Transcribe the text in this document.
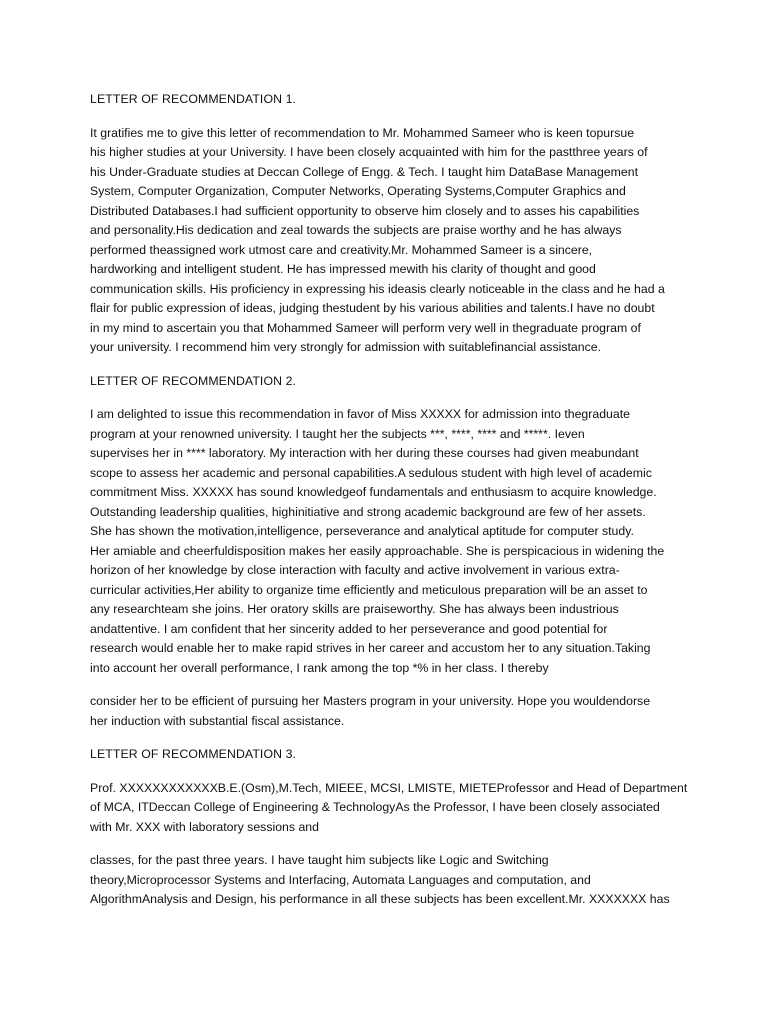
LETTER OF RECOMMENDATION 1.
It gratifies me to give this letter of recommendation to Mr. Mohammed Sameer who is keen topursue
his higher studies at your University. I have been closely acquainted with him for the pastthree years of
his Under-Graduate studies at Deccan College of Engg. & Tech. I taught him DataBase Management
System, Computer Organization, Computer Networks, Operating Systems,Computer Graphics and
Distributed Databases.I had sufficient opportunity to observe him closely and to asses his capabilities
and personality.His dedication and zeal towards the subjects are praise worthy and he has always
performed theassigned work utmost care and creativity.Mr. Mohammed Sameer is a sincere,
hardworking and intelligent student. He has impressed mewith his clarity of thought and good
communication skills. His proficiency in expressing his ideasis clearly noticeable in the class and he had a
flair for public expression of ideas, judging thestudent by his various abilities and talents.I have no doubt
in my mind to ascertain you that Mohammed Sameer will perform very well in thegraduate program of
your university. I recommend him very strongly for admission with suitablefinancial assistance.
LETTER OF RECOMMENDATION 2.
I am delighted to issue this recommendation in favor of Miss XXXXX for admission into thegraduate
program at your renowned university. I taught her the subjects ***, ****, **** and *****. Ieven
supervises her in **** laboratory. My interaction with her during these courses had given meabundant
scope to assess her academic and personal capabilities.A sedulous student with high level of academic
commitment Miss. XXXXX has sound knowledgeof fundamentals and enthusiasm to acquire knowledge.
Outstanding leadership qualities, highinitiative and strong academic background are few of her assets.
She has shown the motivation,intelligence, perseverance and analytical aptitude for computer study.
Her amiable and cheerfuldisposition makes her easily approachable. She is perspicacious in widening the
horizon of her knowledge by close interaction with faculty and active involvement in various extra-
curricular activities,Her ability to organize time efficiently and meticulous preparation will be an asset to
any researchteam she joins. Her oratory skills are praiseworthy. She has always been industrious
andattentive. I am confident that her sincerity added to her perseverance and good potential for
research would enable her to make rapid strives in her career and accustom her to any situation.Taking
into account her overall performance, I rank among the top *% in her class. I thereby
consider her to be efficient of pursuing her Masters program in your university. Hope you wouldendorse
her induction with substantial fiscal assistance.
LETTER OF RECOMMENDATION 3.
Prof. XXXXXXXXXXXXB.E.(Osm),M.Tech, MIEEE, MCSI, LMISTE, MIETEProfessor and Head of Department
of MCA, ITDeccan College of Engineering & TechnologyAs the Professor, I have been closely associated
with Mr. XXX with laboratory sessions and
classes, for the past three years. I have taught him subjects like Logic and Switching
theory,Microprocessor Systems and Interfacing, Automata Languages and computation, and
AlgorithmAnalysis and Design, his performance in all these subjects has been excellent.Mr. XXXXXXX has
